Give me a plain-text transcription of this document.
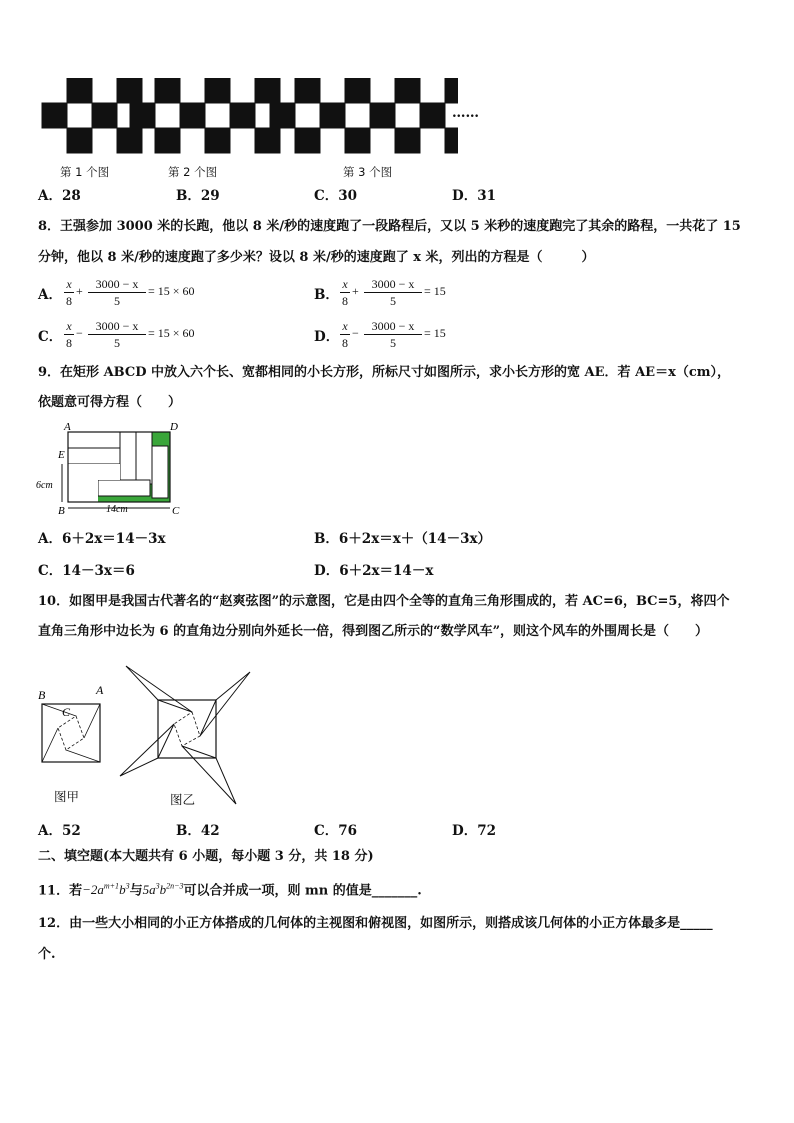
……
第 1 个图	第 2 个图	第 3 个图
A．28	B．29	C．30	D．31
8．王强参加 3000 米的长跑，他以 8 米/秒的速度跑了一段路程后，又以 5 米秒的速度跑完了其余的路程，一共花了 15
分钟，他以 8 米/秒的速度跑了多少米？设以 8 米/秒的速度跑了 x 米，列出的方程是（　　　）
A．
x
8
+	3000 − x
5
= 15 × 60	B．
x
8
+	3000 − x
5
= 15
C．
x
8
−	3000 − x
5
= 15 × 60	D．
x
8
−	3000 − x
5
= 15
9．在矩形 ABCD 中放入六个长、宽都相同的小长方形，所标尺寸如图所示，求小长方形的宽 AE．若 AE＝x（cm），
依题意可得方程（　　）
A	D
E
B	C
6cm
14cm
A．6＋2x＝14－3x	B．6＋2x＝x＋（14－3x）
C．14－3x＝6	D．6＋2x＝14－x
10．如图甲是我国古代著名的“赵爽弦图”的示意图，它是由四个全等的直角三角形围成的，若 AC=6，BC=5，将四个
直角三角形中边长为 6 的直角边分别向外延长一倍，得到图乙所示的“数学风车”，则这个风车的外围周长是（　　）
B	A
C
图甲	图乙
A．52	B．42	C．76	D．72
二、填空题(本大题共有 6 小题，每小题 3 分，共 18 分)
11．若$-2a^{m+1}b^3$与$5a^3b^{2n-3}$可以合并成一项，则 mn 的值是_______.
12．由一些大小相同的小正方体搭成的几何体的主视图和俯视图，如图所示，则搭成该几何体的小正方体最多是_____
个.
